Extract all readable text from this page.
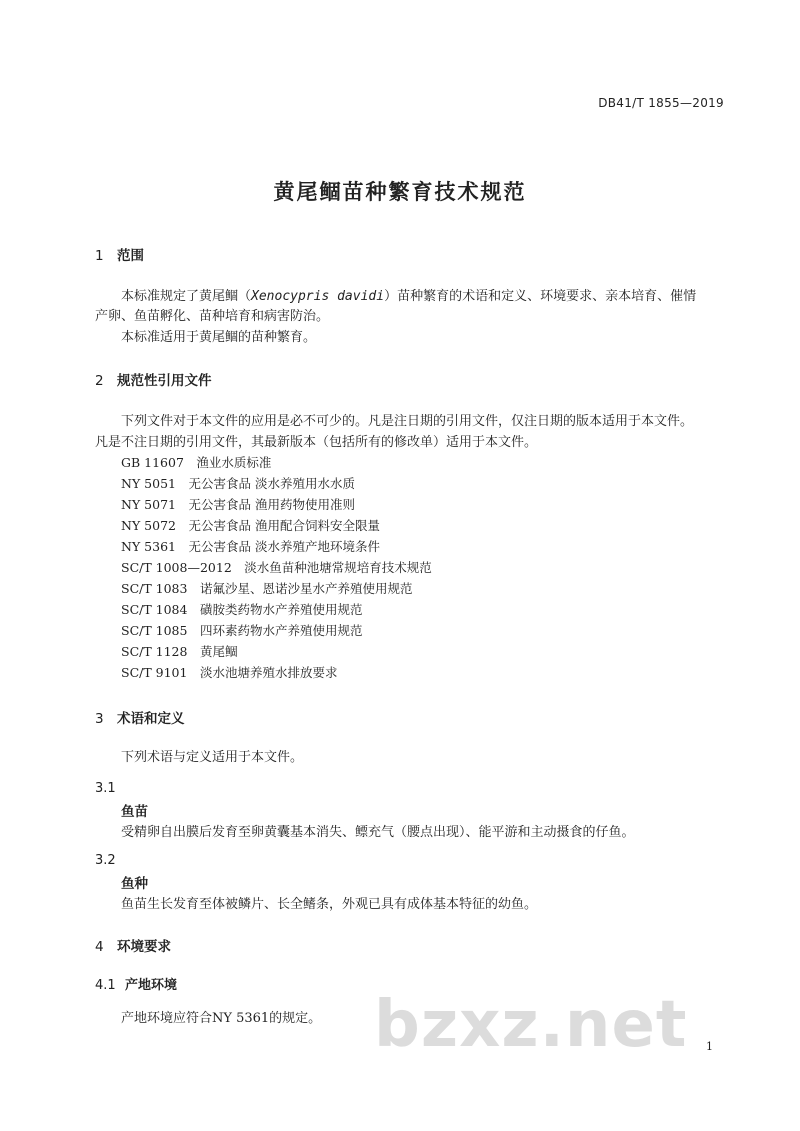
DB41/T 1855—2019
黄尾鲴苗种繁育技术规范
1 范围
本标准规定了黄尾鲴（Xenocypris davidi）苗种繁育的术语和定义、环境要求、亲本培育、催情
产卵、鱼苗孵化、苗种培育和病害防治。
本标准适用于黄尾鲴的苗种繁育。
2 规范性引用文件
下列文件对于本文件的应用是必不可少的。凡是注日期的引用文件，仅注日期的版本适用于本文件。
凡是不注日期的引用文件，其最新版本（包括所有的修改单）适用于本文件。
GB 11607　渔业水质标准
NY 5051　无公害食品 淡水养殖用水水质
NY 5071　无公害食品 渔用药物使用准则
NY 5072　无公害食品 渔用配合饲料安全限量
NY 5361　无公害食品 淡水养殖产地环境条件
SC/T 1008—2012　淡水鱼苗种池塘常规培育技术规范
SC/T 1083　诺氟沙星、恩诺沙星水产养殖使用规范
SC/T 1084　磺胺类药物水产养殖使用规范
SC/T 1085　四环素药物水产养殖使用规范
SC/T 1128　黄尾鲴
SC/T 9101　淡水池塘养殖水排放要求
3 术语和定义
下列术语与定义适用于本文件。
3.1
鱼苗
受精卵自出膜后发育至卵黄囊基本消失、鳔充气（腰点出现）、能平游和主动摄食的仔鱼。
3.2
鱼种
鱼苗生长发育至体被鳞片、长全鳍条，外观已具有成体基本特征的幼鱼。
4 环境要求
4.1 产地环境
产地环境应符合NY 5361的规定。 bzxz.net 1
